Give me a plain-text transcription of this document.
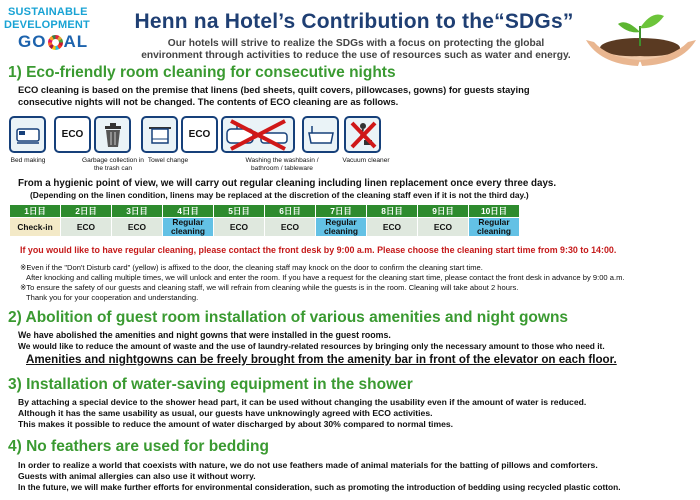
SUSTAINABLE
DEVELOPMENT
GO AL
Henn na Hotel’s Contribution to the“SDGs”
Our hotels will strive to realize the SDGs with a focus on protecting the global
environment through activities to reduce the use of resources such as water and energy.
1) Eco-friendly room cleaning for consecutive nights
ECO cleaning is based on the premise that linens (bed sheets, quilt covers, pillowcases, gowns) for guests staying
consecutive nights will not be changed. The contents of ECO cleaning are as follows.
ECO	ECO
Bed making	Garbage collection in
the trash can
Towel change	Washing the washbasin /
bathroom / tableware
Vacuum cleaner
From a hygienic point of view, we will carry out regular cleaning including linen replacement once every three days.
(Depending on the linen condition, linens may be replaced at the discretion of the cleaning staff even if it is not the third day.)
1日目	2日目	3日目	4日目	5日目	6日目	7日目	8日目	9日目	10日目
Check-in	ECO	ECO	Regular cleaning	ECO	ECO	Regular cleaning	ECO	ECO	Regular cleaning
If you would like to have regular cleaning, please contact the front desk by 9:00 a.m. Please choose the cleaning start time from 9:30 to 14:00.
※Even if the "Don't Disturb card" (yellow) is affixed to the door, the cleaning staff may knock on the door to confirm the cleaning start time.
After knocking and calling multiple times, we will unlock and enter the room. If you have a request for the cleaning start time, please contact the front desk in advance by 9:00 a.m.
※To ensure the safety of our guests and cleaning staff, we will refrain from cleaning while the guests is in the room. Cleaning will take about 2 hours.
Thank you for your cooperation and understanding.
2) Abolition of guest room installation of various amenities and night gowns
We have abolished the amenities and night gowns that were installed in the guest rooms.
We would like to reduce the amount of waste and the use of laundry-related resources by bringing only the necessary amount to those who need it.
Amenities and nightgowns can be freely brought from the amenity bar in front of the elevator on each floor.
3) Installation of water-saving equipment in the shower
By attaching a special device to the shower head part, it can be used without changing the usability even if the amount of water is reduced.
Although it has the same usability as usual, our guests have unknowingly agreed with ECO activities.
This makes it possible to reduce the amount of water discharged by about 30% compared to normal times.
4) No feathers are used for bedding
In order to realize a world that coexists with nature, we do not use feathers made of animal materials for the batting of pillows and comforters.
Guests with animal allergies can also use it without worry.
In the future, we will make further efforts for environmental consideration, such as promoting the introduction of bedding using recycled plastic cotton.
